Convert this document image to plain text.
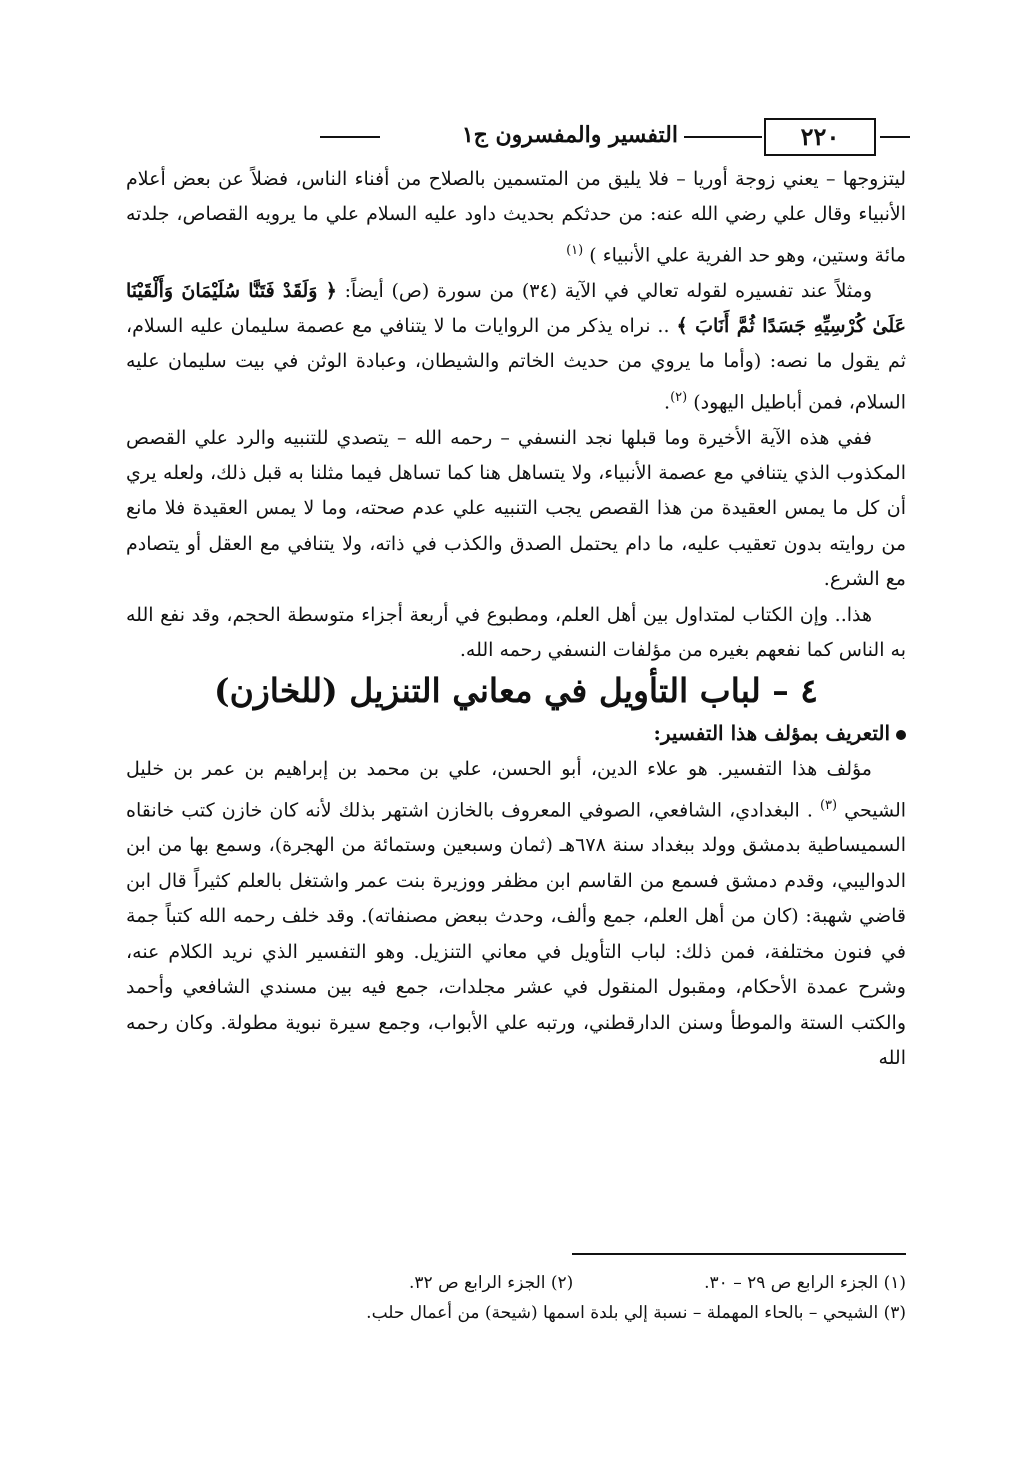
٢٢٠
التفسير والمفسرون ج١

ليتزوجها – يعني زوجة أوريا – فلا يليق من المتسمين بالصلاح من أفناء الناس، فضلاً عن بعض أعلام الأنبياء وقال علي رضي الله عنه: من حدثكم بحديث داود عليه السلام علي ما يرويه القصاص، جلدته مائة وستين، وهو حد الفرية علي الأنبياء ) $^{(١)}$

ومثلاً عند تفسيره لقوله تعالي في الآية (٣٤) من سورة (ص) أيضاً: ﴿ وَلَقَدْ فَتَنَّا سُلَيْمَانَ وَأَلْقَيْنَا عَلَىٰ كُرْسِيِّهِ جَسَدًا ثُمَّ أَنَابَ ﴾ .. نراه يذكر من الروايات ما لا يتنافي مع عصمة سليمان عليه السلام، ثم يقول ما نصه: (وأما ما يروي من حديث الخاتم والشيطان، وعبادة الوثن في بيت سليمان عليه السلام، فمن أباطيل اليهود) $^{(٢)}$.

ففي هذه الآية الأخيرة وما قبلها نجد النسفي – رحمه الله – يتصدي للتنبيه والرد علي القصص المكذوب الذي يتنافي مع عصمة الأنبياء، ولا يتساهل هنا كما تساهل فيما مثلنا به قبل ذلك، ولعله يري أن كل ما يمس العقيدة من هذا القصص يجب التنبيه علي عدم صحته، وما لا يمس العقيدة فلا مانع من روايته بدون تعقيب عليه، ما دام يحتمل الصدق والكذب في ذاته، ولا يتنافي مع العقل أو يتصادم مع الشرع.

هذا.. وإن الكتاب لمتداول بين أهل العلم، ومطبوع في أربعة أجزاء متوسطة الحجم، وقد نفع الله به الناس كما نفعهم بغيره من مؤلفات النسفي رحمه الله.

٤ – لباب التأويل في معاني التنزيل (للخازن)

التعريف بمؤلف هذا التفسير:

مؤلف هذا التفسير. هو علاء الدين، أبو الحسن، علي بن محمد بن إبراهيم بن عمر بن خليل الشيحي $^{(٣)}$ . البغدادي، الشافعي، الصوفي المعروف بالخازن اشتهر بذلك لأنه كان خازن كتب خانقاه السميساطية بدمشق وولد ببغداد سنة ٦٧٨هـ (ثمان وسبعين وستمائة من الهجرة)، وسمع بها من ابن الدواليبي، وقدم دمشق فسمع من القاسم ابن مظفر ووزيرة بنت عمر واشتغل بالعلم كثيراً قال ابن قاضي شهبة: (كان من أهل العلم، جمع وألف، وحدث ببعض مصنفاته). وقد خلف رحمه الله كتباً جمة في فنون مختلفة، فمن ذلك: لباب التأويل في معاني التنزيل. وهو التفسير الذي نريد الكلام عنه، وشرح عمدة الأحكام، ومقبول المنقول في عشر مجلدات، جمع فيه بين مسندي الشافعي وأحمد والكتب الستة والموطأ وسنن الدارقطني، ورتبه علي الأبواب، وجمع سيرة نبوية مطولة. وكان رحمه الله

(١) الجزء الرابع ص ٢٩ – ٣٠.  (٢) الجزء الرابع ص ٣٢.
(٣) الشيحي – بالحاء المهملة – نسبة إلي بلدة اسمها (شيحة) من أعمال حلب.
